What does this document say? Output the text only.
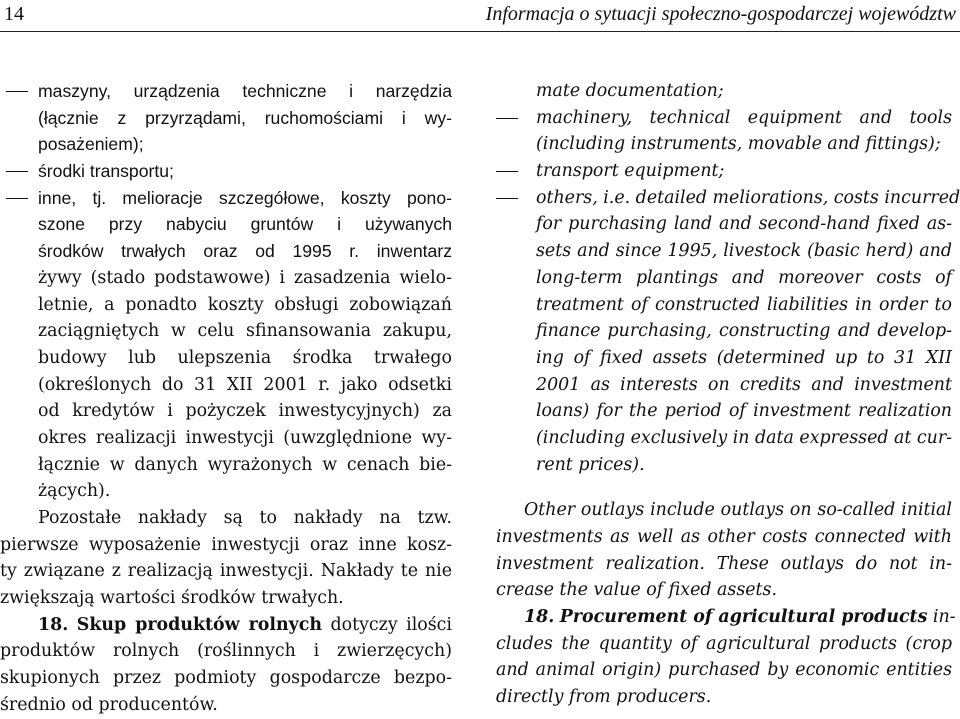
14	Informacja o sytuacji społeczno-gospodarczej województw
maszyny, urządzenia techniczne i narzędzia
(łącznie z przyrządami, ruchomościami i wy-
posażeniem);
środki transportu;
inne, tj. melioracje szczegółowe, koszty pono-
szone przy nabyciu gruntów i używanych
środków trwałych oraz od 1995 r. inwentarz
żywy (stado podstawowe) i zasadzenia wielo-
letnie, a ponadto koszty obsługi zobowiązań
zaciągniętych w celu sfinansowania zakupu,
budowy lub ulepszenia środka trwałego
(określonych do 31 XII 2001 r. jako odsetki
od kredytów i pożyczek inwestycyjnych) za
okres realizacji inwestycji (uwzględnione wy-
łącznie w danych wyrażonych w cenach bie-
żących).
Pozostałe nakłady są to nakłady na tzw.
pierwsze wyposażenie inwestycji oraz inne kosz-
ty związane z realizacją inwestycji. Nakłady te nie
zwiększają wartości środków trwałych.
18. Skup produktów rolnych dotyczy ilości
produktów rolnych (roślinnych i zwierzęcych)
skupionych przez podmioty gospodarcze bezpo-
średnio od producentów.
mate documentation;
machinery, technical equipment and tools
(including instruments, movable and fittings);
transport equipment;
others, i.e. detailed meliorations, costs incurred
for purchasing land and second-hand fixed as-
sets and since 1995, livestock (basic herd) and
long-term plantings and moreover costs of
treatment of constructed liabilities in order to
finance purchasing, constructing and develop-
ing of fixed assets (determined up to 31 XII
2001 as interests on credits and investment
loans) for the period of investment realization
(including exclusively in data expressed at cur-
rent prices).
Other outlays include outlays on so-called initial
investments as well as other costs connected with
investment realization. These outlays do not in-
crease the value of fixed assets.
18. Procurement of agricultural products in-
cludes the quantity of agricultural products (crop
and animal origin) purchased by economic entities
directly from producers.
